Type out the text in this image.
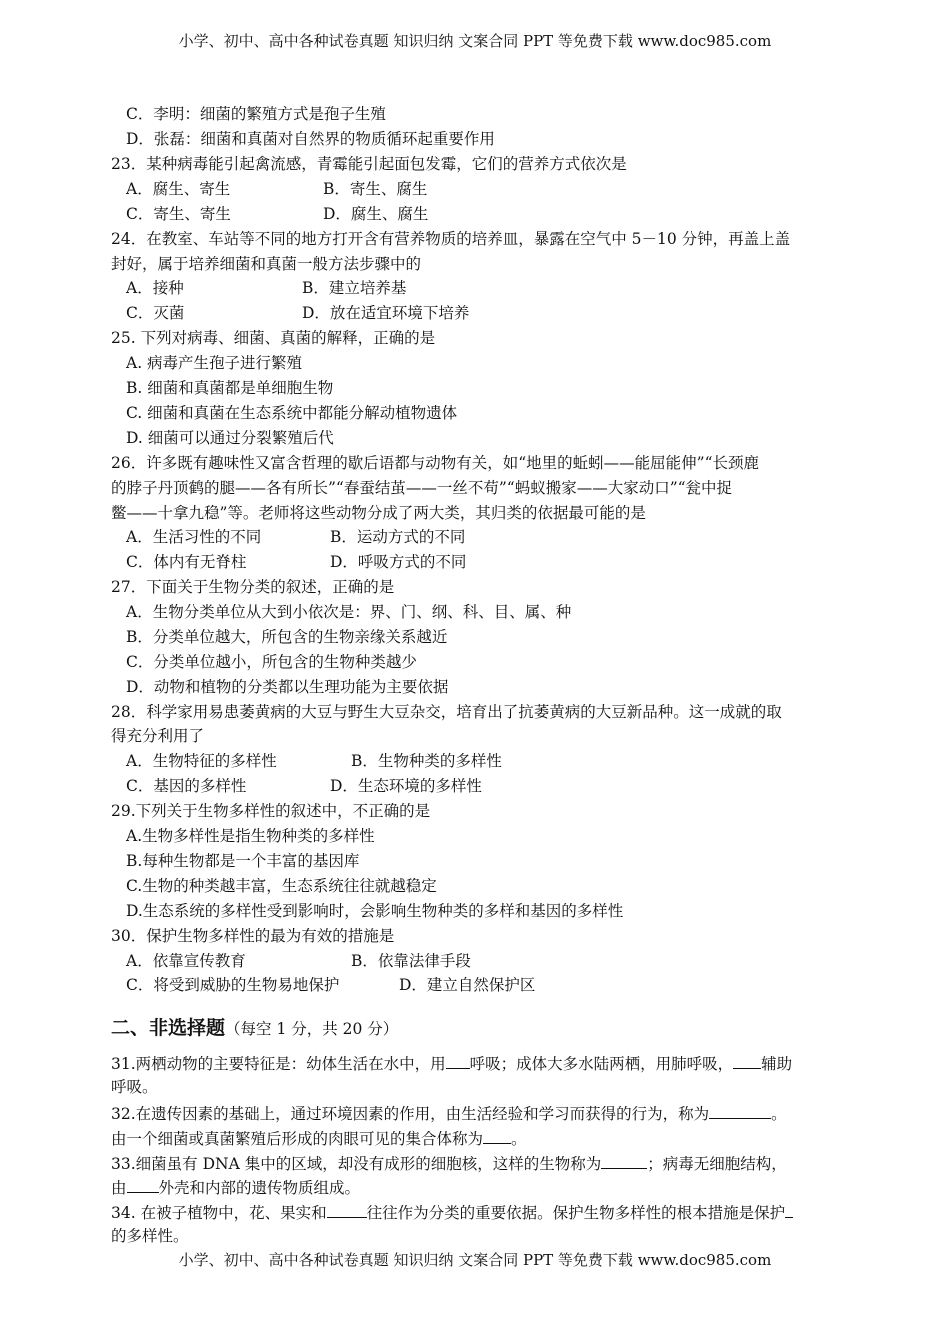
小学、初中、高中各种试卷真题 知识归纳 文案合同 PPT 等免费下载 www.doc985.com
C．李明：细菌的繁殖方式是孢子生殖
D．张磊：细菌和真菌对自然界的物质循环起重要作用
23．某种病毒能引起禽流感，青霉能引起面包发霉，它们的营养方式依次是
A．腐生、寄生	B．寄生、腐生
C．寄生、寄生	D．腐生、腐生
24．在教室、车站等不同的地方打开含有营养物质的培养皿，暴露在空气中 5－10 分钟，再盖上盖
封好，属于培养细菌和真菌一般方法步骤中的
A．接种	B．建立培养基
C．灭菌	D．放在适宜环境下培养
25. 下列对病毒、细菌、真菌的解释，正确的是
A. 病毒产生孢子进行繁殖
B. 细菌和真菌都是单细胞生物
C. 细菌和真菌在生态系统中都能分解动植物遗体
D. 细菌可以通过分裂繁殖后代
26．许多既有趣味性又富含哲理的歇后语都与动物有关，如“地里的蚯蚓——能屈能伸”“长颈鹿
的脖子丹顶鹤的腿——各有所长”“春蚕结茧——一丝不苟”“蚂蚁搬家——大家动口”“瓮中捉
鳖——十拿九稳”等。老师将这些动物分成了两大类，其归类的依据最可能的是
A．生活习性的不同	B．运动方式的不同
C．体内有无脊柱	D．呼吸方式的不同
27．下面关于生物分类的叙述，正确的是
A．生物分类单位从大到小依次是：界、门、纲、科、目、属、种
B．分类单位越大，所包含的生物亲缘关系越近
C．分类单位越小，所包含的生物种类越少
D．动物和植物的分类都以生理功能为主要依据
28．科学家用易患萎黄病的大豆与野生大豆杂交，培育出了抗萎黄病的大豆新品种。这一成就的取
得充分利用了
A．生物特征的多样性	B．生物种类的多样性
C．基因的多样性	D．生态环境的多样性
29.下列关于生物多样性的叙述中，不正确的是
A.生物多样性是指生物种类的多样性
B.每种生物都是一个丰富的基因库
C.生物的种类越丰富，生态系统往往就越稳定
D.生态系统的多样性受到影响时，会影响生物种类的多样和基因的多样性
30．保护生物多样性的最为有效的措施是
A．依靠宣传教育	B．依靠法律手段
C．将受到威胁的生物易地保护	D．建立自然保护区
二、非选择题（每空 1 分，共 20 分）
31.两栖动物的主要特征是：幼体生活在水中，用 呼吸；成体大多水陆两栖，用肺呼吸， 辅助
呼吸。
32.在遗传因素的基础上，通过环境因素的作用，由生活经验和学习而获得的行为，称为	。
由一个细菌或真菌繁殖后形成的肉眼可见的集合体称为 。
33.细菌虽有 DNA 集中的区域，却没有成形的细胞核，这样的生物称为	；病毒无细胞结构，
由 外壳和内部的遗传物质组成。
34. 在被子植物中，花、果实和	往往作为分类的重要依据。保护生物多样性的根本措施是保护
的多样性。
小学、初中、高中各种试卷真题 知识归纳 文案合同 PPT 等免费下载 www.doc985.com
